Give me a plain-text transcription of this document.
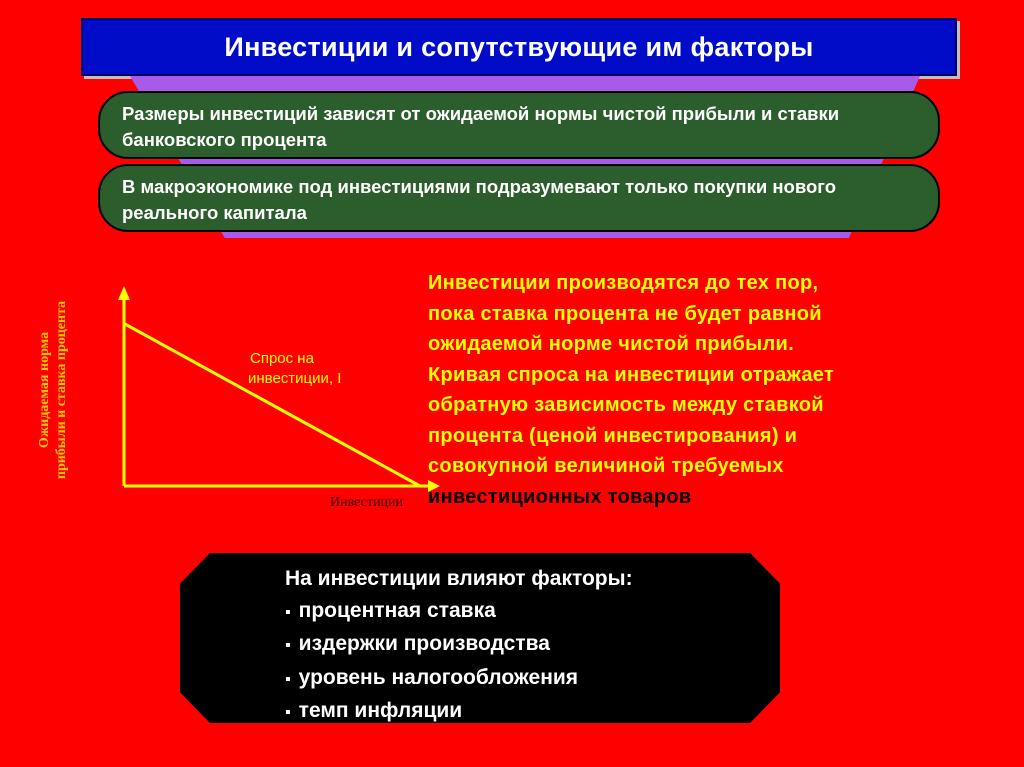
Инвестиции и сопутствующие им факторы
Размеры инвестиций зависят от ожидаемой нормы чистой прибыли и ставки банковского процента
В макроэкономике под инвестициями подразумевают только покупки нового реального капитала
Спрос на инвестиции, I
Инвестиции
Ожидаемая норма прибыли и ставка процента
Инвестиции производятся до тех пор,
пока ставка процента не будет равной
ожидаемой норме чистой прибыли.
Кривая спроса на инвестиции отражает
обратную зависимость между ставкой
процента (ценой инвестирования) и
совокупной величиной требуемых
инвестиционных товаров
На инвестиции влияют факторы:
▪ процентная ставка
▪ издержки производства
▪ уровень налогообложения
▪ темп инфляции
